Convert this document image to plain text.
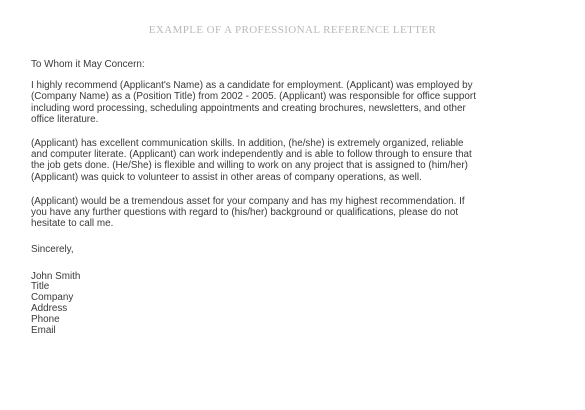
EXAMPLE OF A PROFESSIONAL REFERENCE LETTER
To Whom it May Concern:
I highly recommend (Applicant's Name) as a candidate for employment. (Applicant) was employed by
(Company Name) as a (Position Title) from 2002 - 2005. (Applicant) was responsible for office support
including word processing, scheduling appointments and creating brochures, newsletters, and other
office literature.
(Applicant) has excellent communication skills. In addition, (he/she) is extremely organized, reliable
and computer literate. (Applicant) can work independently and is able to follow through to ensure that
the job gets done. (He/She) is flexible and willing to work on any project that is assigned to (him/her)
(Applicant) was quick to volunteer to assist in other areas of company operations, as well.
(Applicant) would be a tremendous asset for your company and has my highest recommendation. If
you have any further questions with regard to (his/her) background or qualifications, please do not
hesitate to call me.
Sincerely,
John Smith
Title
Company
Address
Phone
Email
